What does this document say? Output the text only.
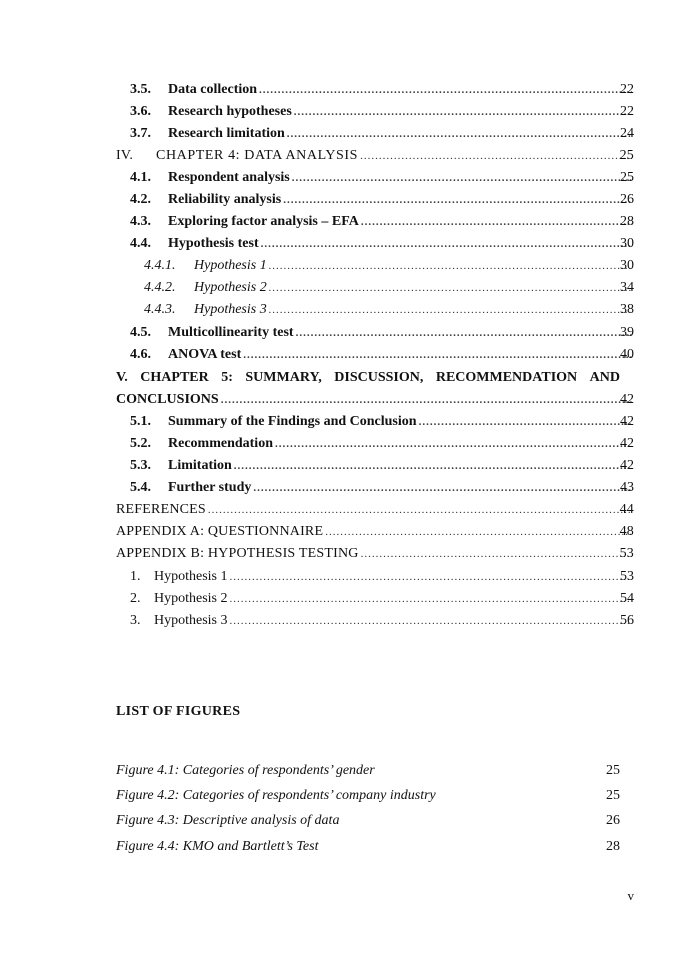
3.5.	Data collection .....	22
3.6.	Research hypotheses .....	22
3.7.	Research limitation .....	24
IV.	CHAPTER 4: DATA ANALYSIS .....	25
4.1.	Respondent analysis .....	25
4.2.	Reliability analysis .....	26
4.3.	Exploring factor analysis – EFA .....	28
4.4.	Hypothesis test .....	30
4.4.1.	Hypothesis 1 .....	30
4.4.2.	Hypothesis 2 .....	34
4.4.3.	Hypothesis 3 .....	38
4.5.	Multicollinearity test .....	39
4.6.	ANOVA test .....	40
V. CHAPTER 5: SUMMARY, DISCUSSION, RECOMMENDATION AND
CONCLUSIONS .....	42
5.1.	Summary of the Findings and Conclusion .....	42
5.2.	Recommendation .....	42
5.3.	Limitation .....	42
5.4.	Further study .....	43
REFERENCES .....	44
APPENDIX A: QUESTIONNAIRE .....	48
APPENDIX B: HYPOTHESIS TESTING .....	53
1. Hypothesis 1 .....	53
2. Hypothesis 2 .....	54
3. Hypothesis 3 .....	56
LIST OF FIGURES
Figure 4.1: Categories of respondents’ gender	25
Figure 4.2: Categories of respondents’ company industry	25
Figure 4.3: Descriptive analysis of data	26
Figure 4.4: KMO and Bartlett’s Test	28
v
